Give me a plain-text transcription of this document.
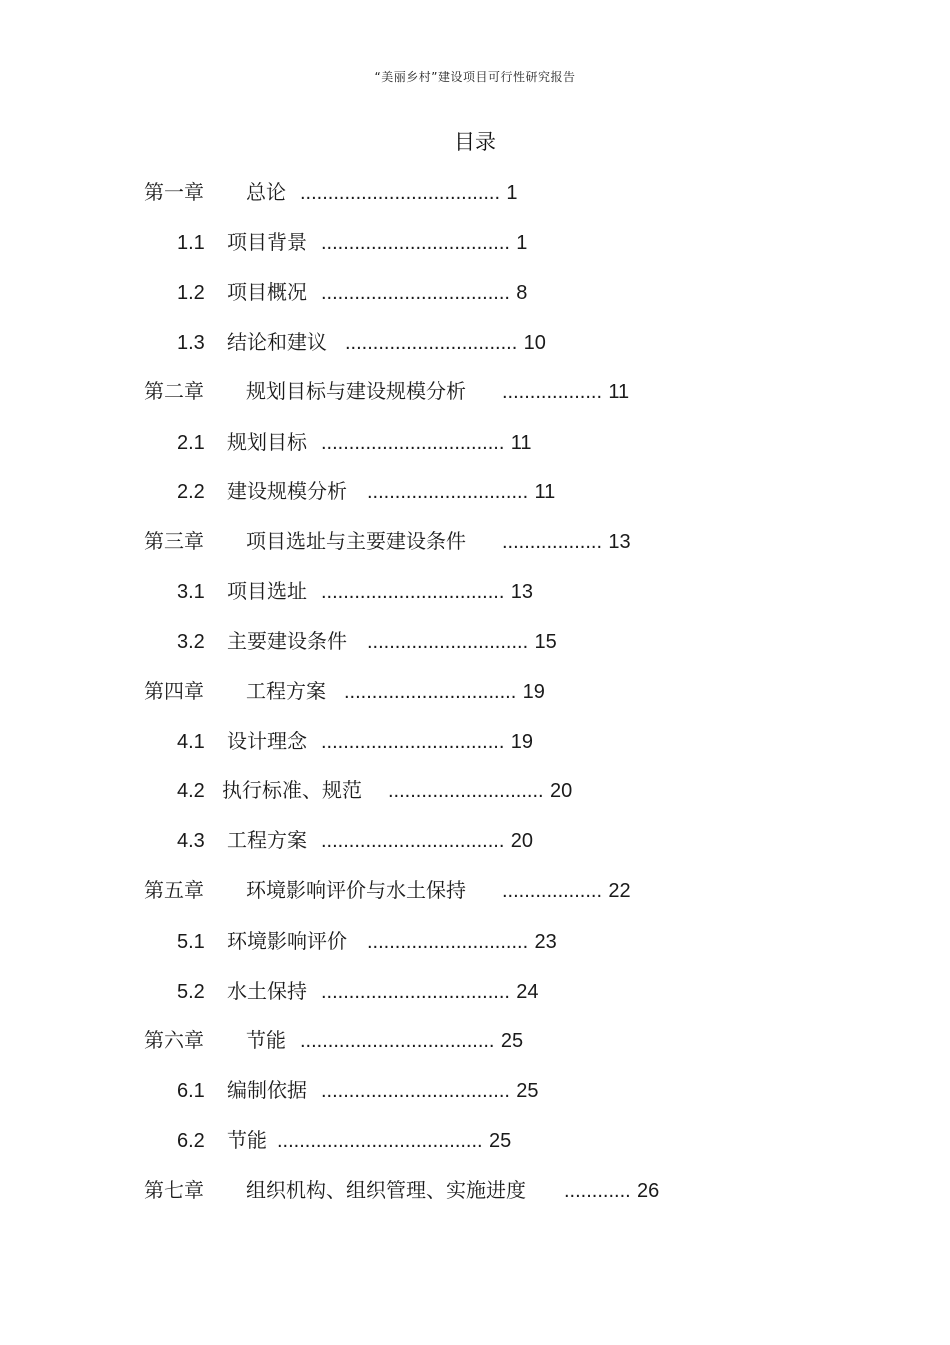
“美丽乡村”建设项目可行性研究报告
目录
第一章 总论 .................................... 1
1.1 项目背景 .................................. 1
1.2 项目概况 .................................. 8
1.3 结论和建议 ............................... 10
第二章 规划目标与建设规模分析 .................. 11
2.1 规划目标 ................................. 11
2.2 建设规模分析 ............................. 11
第三章 项目选址与主要建设条件 .................. 13
3.1 项目选址 ................................. 13
3.2 主要建设条件 ............................. 15
第四章 工程方案 ............................... 19
4.1 设计理念 ................................. 19
4.2 执行标准、规范 ............................ 20
4.3 工程方案 ................................. 20
第五章 环境影响评价与水土保持 .................. 22
5.1 环境影响评价 ............................. 23
5.2 水土保持 .................................. 24
第六章 节能 ................................... 25
6.1 编制依据 .................................. 25
6.2 节能 ..................................... 25
第七章 组织机构、组织管理、实施进度 ............ 26
